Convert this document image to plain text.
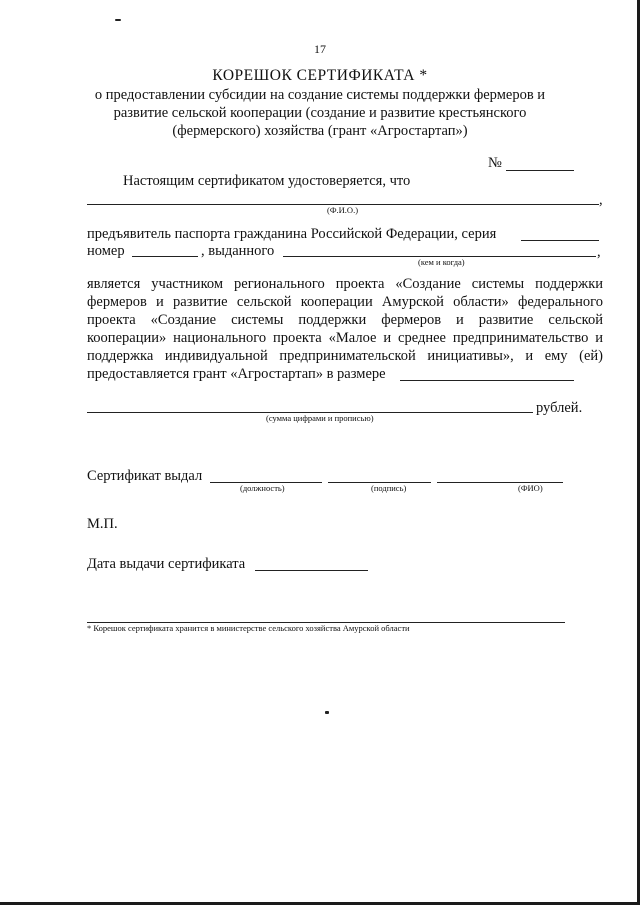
17
КОРЕШОК СЕРТИФИКАТА *
о предоставлении субсидии на создание системы поддержки фермеров и
развитие сельской кооперации (создание и развитие крестьянского
(фермерского) хозяйства (грант «Агростартап»)
№
Настоящим сертификатом удостоверяется, что
,
(Ф.И.О.)
предъявитель паспорта гражданина Российской Федерации, серия
номер	, выданного	,
(кем и когда)
является участником регионального проекта «Создание системы поддержки
фермеров и развитие сельской кооперации Амурской области» федерального
проекта «Создание системы поддержки фермеров и развитие сельской
кооперации» национального проекта «Малое и среднее предпринимательство и
поддержка индивидуальной предпринимательской инициативы», и ему (ей)
предоставляется грант «Агростартап» в размере
рублей.
(сумма цифрами и прописью)
Сертификат выдал
(должность)	(подпись)	(ФИО)
М.П.
Дата выдачи сертификата
* Корешок сертификата хранится в министерстве сельского хозяйства Амурской области
